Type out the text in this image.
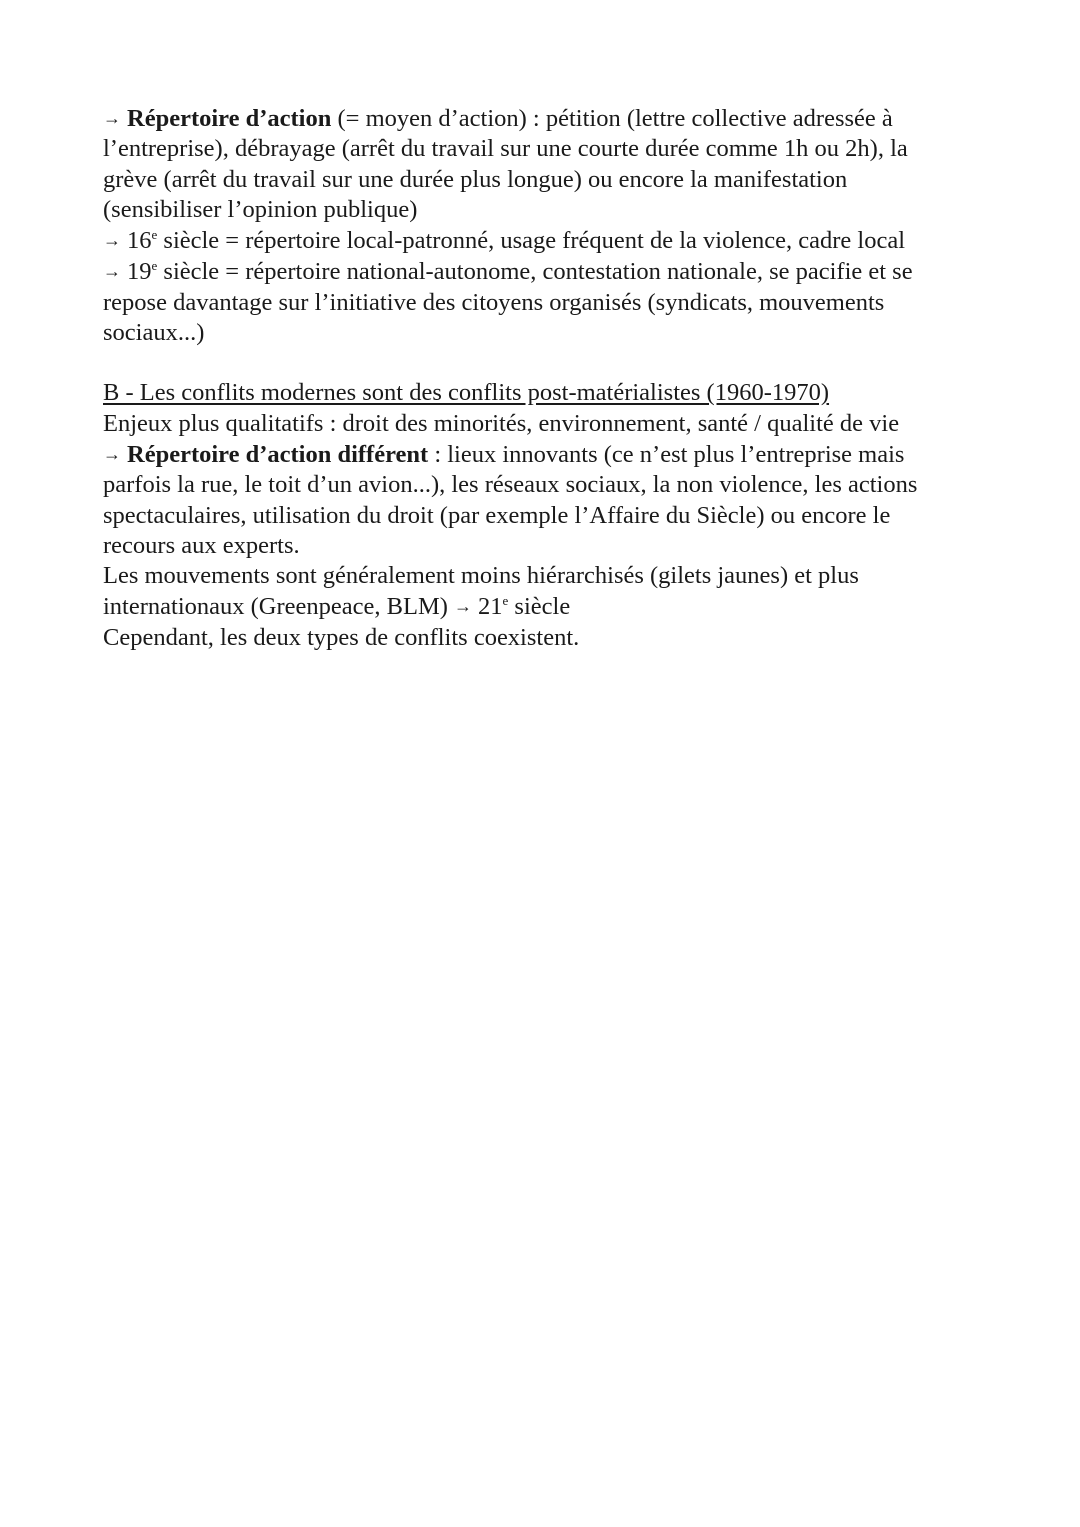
→ Répertoire d’action (= moyen d’action) : pétition (lettre collective adressée à
l’entreprise), débrayage (arrêt du travail sur une courte durée comme 1h ou 2h), la
grève (arrêt du travail sur une durée plus longue) ou encore la manifestation
(sensibiliser l’opinion publique)
→ $16^e$ siècle = répertoire local-patronné, usage fréquent de la violence, cadre local
→ $19^e$ siècle = répertoire national-autonome, contestation nationale, se pacifie et se
repose davantage sur l’initiative des citoyens organisés (syndicats, mouvements
sociaux...)
B - Les conflits modernes sont des conflits post-matérialistes (1960-1970)
Enjeux plus qualitatifs : droit des minorités, environnement, santé / qualité de vie
→ Répertoire d’action différent : lieux innovants (ce n’est plus l’entreprise mais
parfois la rue, le toit d’un avion...), les réseaux sociaux, la non violence, les actions
spectaculaires, utilisation du droit (par exemple l’Affaire du Siècle) ou encore le
recours aux experts.
Les mouvements sont généralement moins hiérarchisés (gilets jaunes) et plus
internationaux (Greenpeace, $BLM) \to 21^e$ siècle
Cependant, les deux types de conflits coexistent.
